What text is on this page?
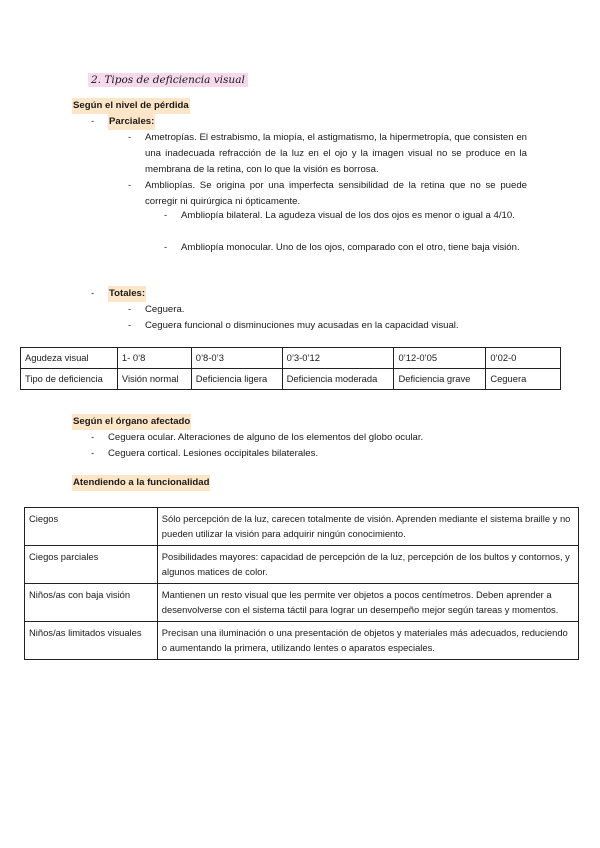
2. Tipos de deficiencia visual
Según el nivel de pérdida
- Parciales:
- Ametropías. El estrabismo, la miopía, el astigmatismo, la hipermetropía, que consisten en una inadecuada refracción de la luz en el ojo y la imagen visual no se produce en la membrana de la retina, con lo que la visión es borrosa.
- Ambliopías. Se origina por una imperfecta sensibilidad de la retina que no se puede corregir ni quirúrgica ni ópticamente.
- Ambliopía bilateral. La agudeza visual de los dos ojos es menor o igual a 4/10.
- Ambliopía monocular. Uno de los ojos, comparado con el otro, tiene baja visión.
- Totales:
- Ceguera.
- Ceguera funcional o disminuciones muy acusadas en la capacidad visual.
Agudeza visual	1- 0’8	0’8-0’3	0’3-0’12	0’12-0’05	0’02-0
Tipo de deficiencia	Visión normal	Deficiencia ligera	Deficiencia moderada	Deficiencia grave	Ceguera
Según el órgano afectado
- Ceguera ocular. Alteraciones de alguno de los elementos del globo ocular.
- Ceguera cortical. Lesiones occipitales bilaterales.
Atendiendo a la funcionalidad
Ciegos	Sólo percepción de la luz, carecen totalmente de visión. Aprenden mediante el sistema braille y no pueden utilizar la visión para adquirir ningún conocimiento.
Ciegos parciales	Posibilidades mayores: capacidad de percepción de la luz, percepción de los bultos y contornos, y algunos matices de color.
Niños/as con baja visión	Mantienen un resto visual que les permite ver objetos a pocos centímetros. Deben aprender a desenvolverse con el sistema táctil para lograr un desempeño mejor según tareas y momentos.
Niños/as limitados visuales	Precisan una iluminación o una presentación de objetos y materiales más adecuados, reduciendo o aumentando la primera, utilizando lentes o aparatos especiales.
